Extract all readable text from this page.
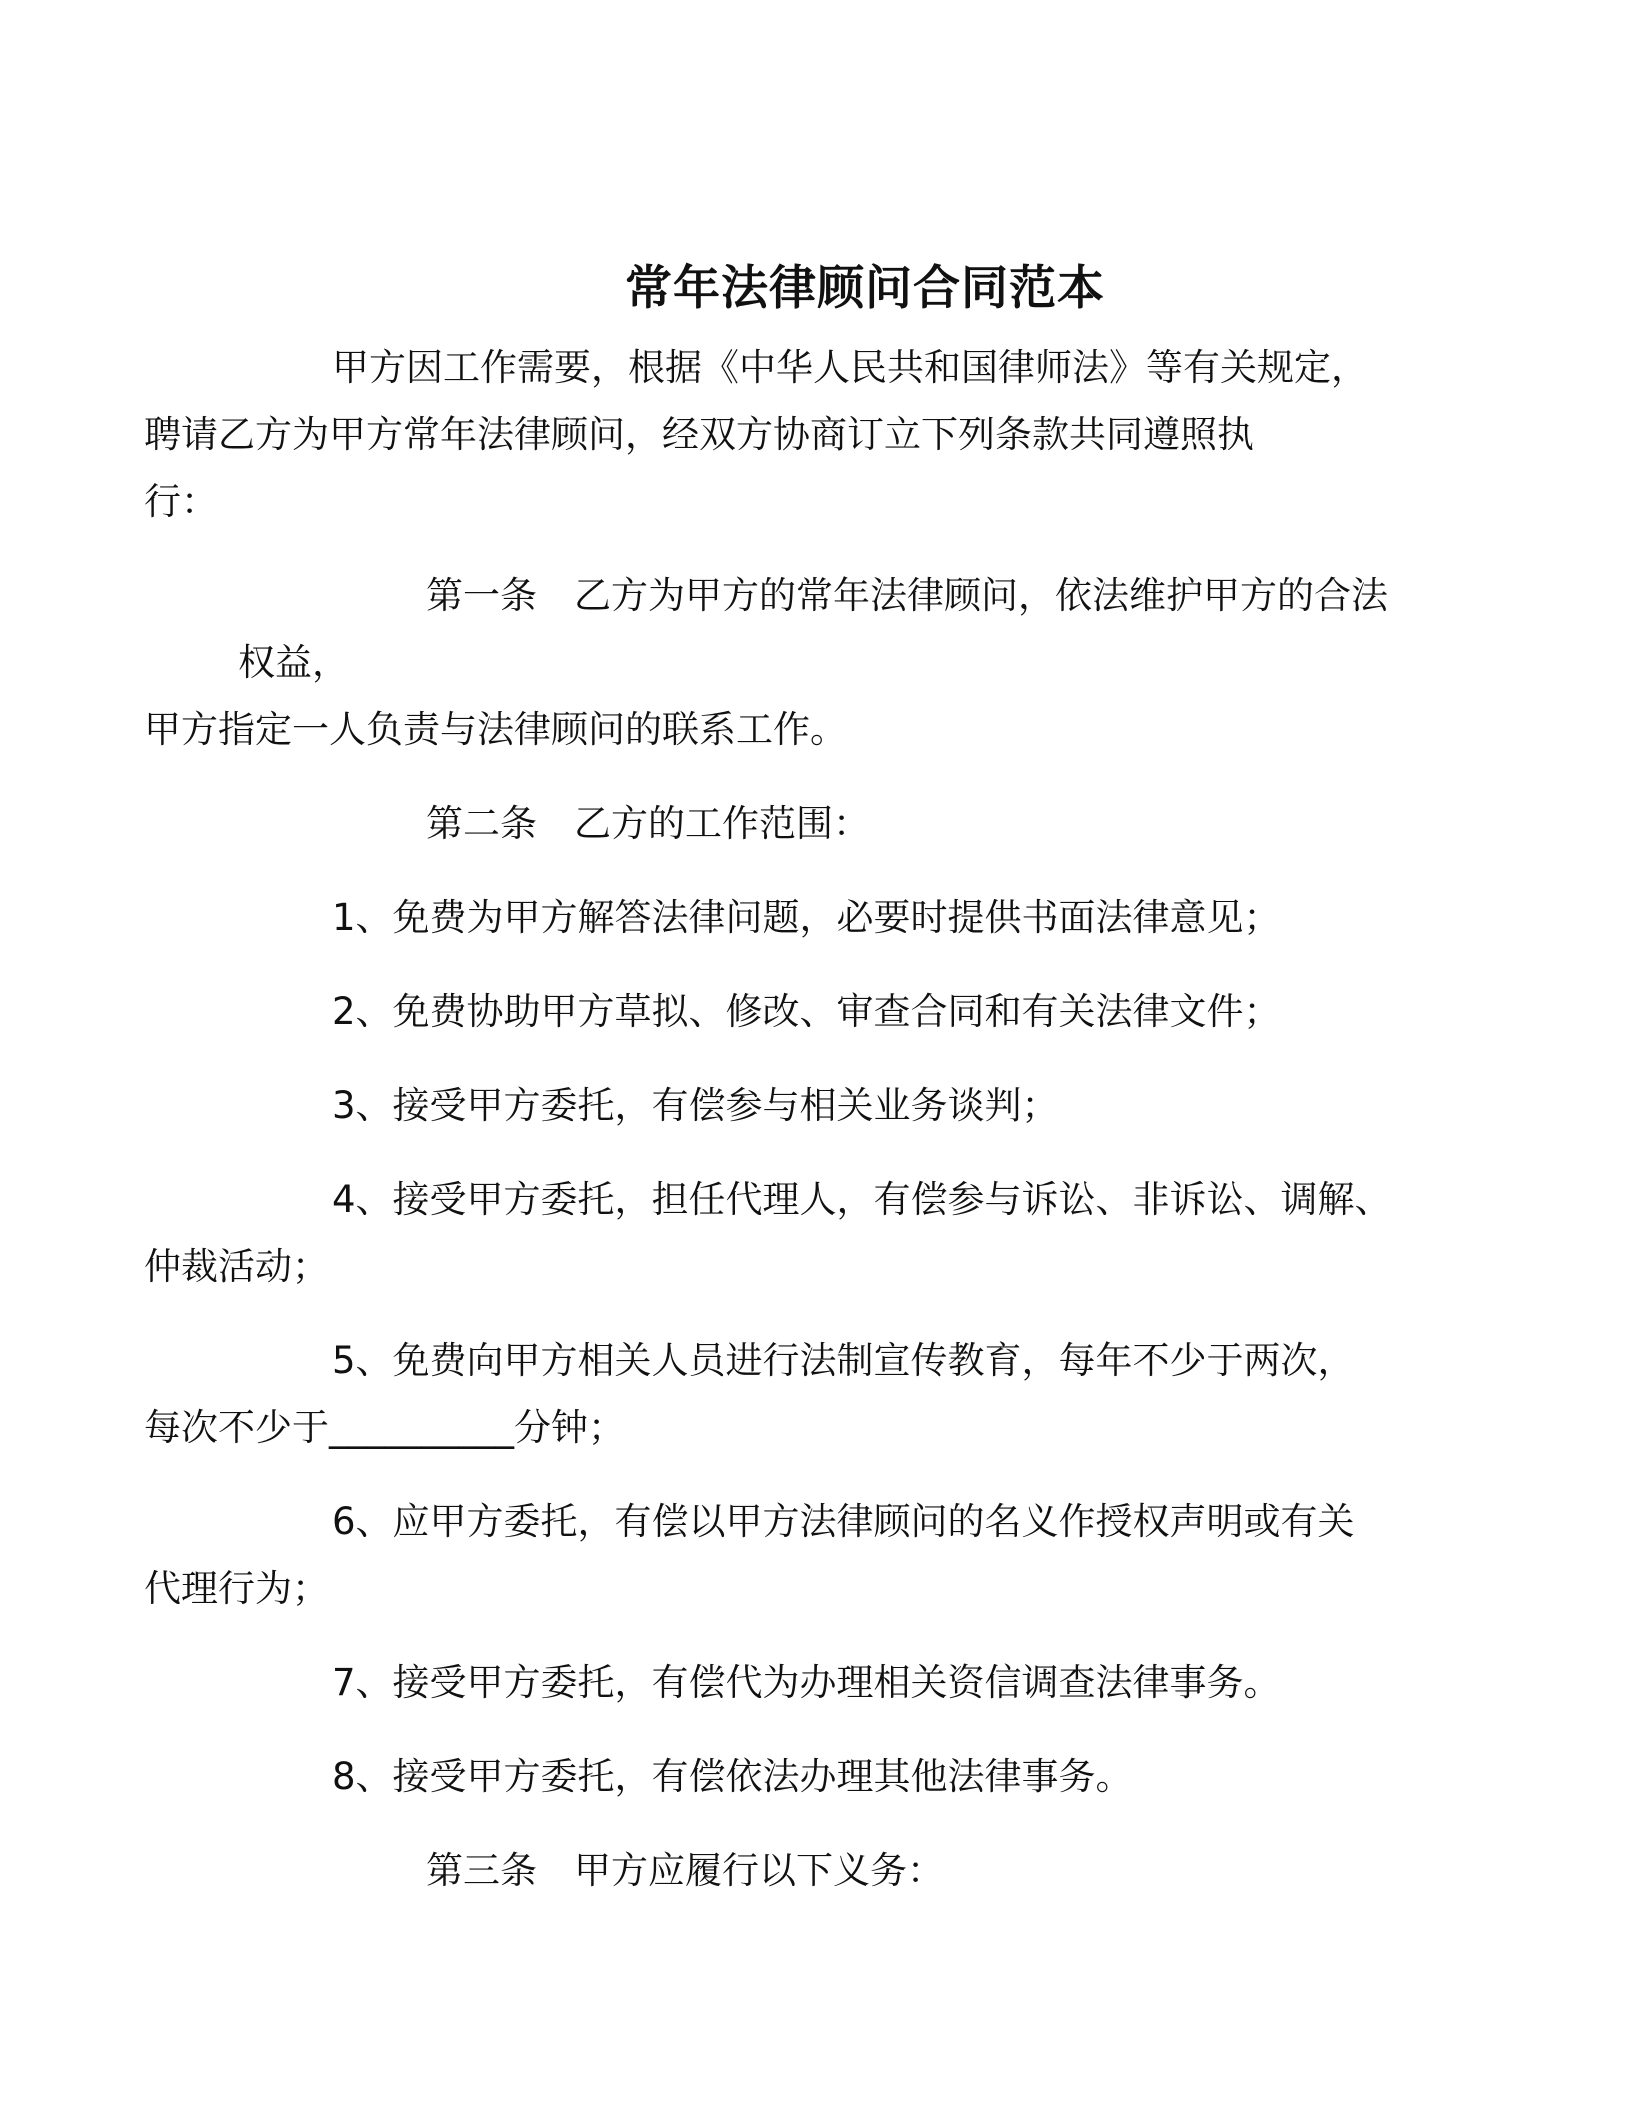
常年法律顾问合同范本

甲方因工作需要，根据《中华人民共和国律师法》等有关规定，
聘请乙方为甲方常年法律顾问，经双方协商订立下列条款共同遵照执
行：

第一条 乙方为甲方的常年法律顾问，依法维护甲方的合法权益，
甲方指定一人负责与法律顾问的联系工作。

第二条 乙方的工作范围：

1、免费为甲方解答法律问题，必要时提供书面法律意见；

2、免费协助甲方草拟、修改、审查合同和有关法律文件；

3、接受甲方委托，有偿参与相关业务谈判；

4、接受甲方委托，担任代理人，有偿参与诉讼、非诉讼、调解、
仲裁活动；

5、免费向甲方相关人员进行法制宣传教育，每年不少于两次，
每次不少于__________分钟；

6、应甲方委托，有偿以甲方法律顾问的名义作授权声明或有关
代理行为；

7、接受甲方委托，有偿代为办理相关资信调查法律事务。

8、接受甲方委托，有偿依法办理其他法律事务。

第三条 甲方应履行以下义务：
